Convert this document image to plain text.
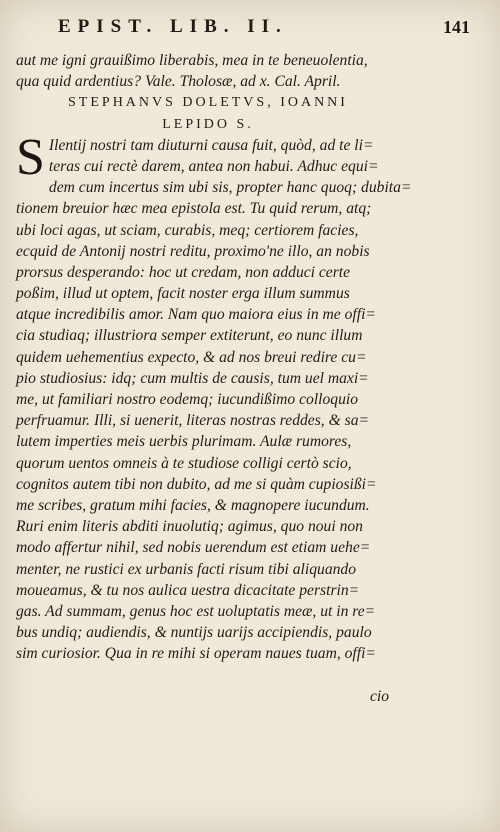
EPIST. LIB. II.	141
aut me igni grauißimo liberabis, mea in te beneuolentia,
qua quid ardentius? Vale. Tholosæ, ad x. Cal. April.
STEPHANVS DOLETVS, IOANNI
LEPIDO S.
S Ilentij nostri tam diuturni causa fuit, quòd, ad te li=
teras cui rectè darem, antea non habui. Adhuc equi=
dem cum incertus sim ubi sis, propter hanc quoq; dubita=
tionem breuior hæc mea epistola est. Tu quid rerum, atq;
ubi loci agas, ut sciam, curabis, meq; certiorem facies,
ecquid de Antonij nostri reditu, proximo'ne illo, an nobis
prorsus desperando: hoc ut credam, non adduci certe
poßim, illud ut optem, facit noster erga illum summus
atque incredibilis amor. Nam quo maiora eius in me offi=
cia studiaq; illustriora semper extiterunt, eo nunc illum
quidem uehementius expecto, & ad nos breui redire cu=
pio studiosius: idq; cum multis de causis, tum uel maxi=
me, ut familiari nostro eodemq; iucundißimo colloquio
perfruamur. Illi, si uenerit, literas nostras reddes, & sa=
lutem imperties meis uerbis plurimam. Aulæ rumores,
quorum uentos omneis à te studiose colligi certò scio,
cognitos autem tibi non dubito, ad me si quàm cupiosißi=
me scribes, gratum mihi facies, & magnopere iucundum.
Ruri enim literis abditi inuolutiq; agimus, quo noui non
modo affertur nihil, sed nobis uerendum est etiam uehe=
menter, ne rustici ex urbanis facti risum tibi aliquando
moueamus, & tu nos aulica uestra dicacitate perstrin=
gas. Ad summam, genus hoc est uoluptatis meæ, ut in re=
bus undiq; audiendis, & nuntijs uarijs accipiendis, paulo
sim curiosior. Qua in re mihi si operam naues tuam, offi=
cio
